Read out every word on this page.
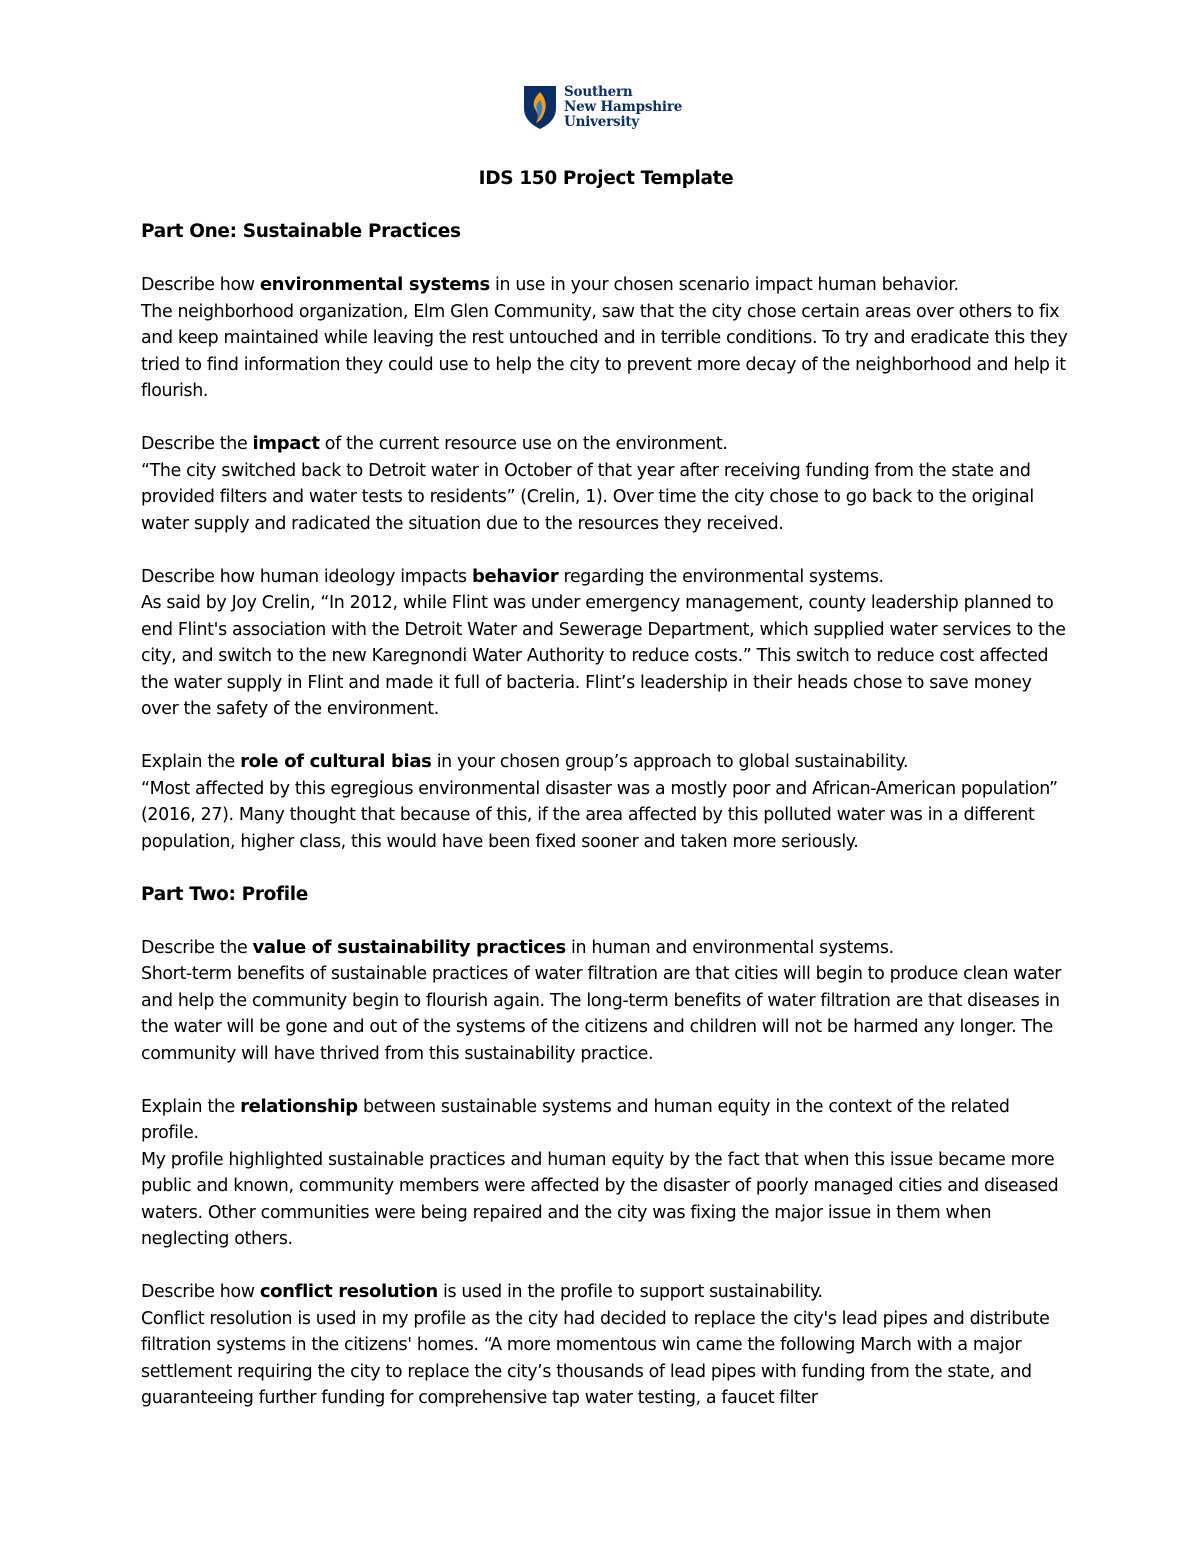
Southern
New Hampshire
University
IDS 150 Project Template
Part One: Sustainable Practices

Describe how environmental systems in use in your chosen scenario impact human behavior.

The neighborhood organization, Elm Glen Community, saw that the city chose certain areas over others to fix and keep maintained while leaving the rest untouched and in terrible conditions. To try and eradicate this they tried to find information they could use to help the city to prevent more decay of the neighborhood and help it flourish.

Describe the impact of the current resource use on the environment.

“The city switched back to Detroit water in October of that year after receiving funding from the state and provided filters and water tests to residents” (Crelin, 1). Over time the city chose to go back to the original water supply and radicated the situation due to the resources they received.

Describe how human ideology impacts behavior regarding the environmental systems.

As said by Joy Crelin, “In 2012, while Flint was under emergency management, county leadership planned to end Flint's association with the Detroit Water and Sewerage Department, which supplied water services to the city, and switch to the new Karegnondi Water Authority to reduce costs.” This switch to reduce cost affected the water supply in Flint and made it full of bacteria. Flint’s leadership in their heads chose to save money over the safety of the environment.

Explain the role of cultural bias in your chosen group’s approach to global sustainability.

“Most affected by this egregious environmental disaster was a mostly poor and African-American population” (2016, 27). Many thought that because of this, if the area affected by this polluted water was in a different population, higher class, this would have been fixed sooner and taken more seriously.

Part Two: Profile

Describe the value of sustainability practices in human and environmental systems.

Short-term benefits of sustainable practices of water filtration are that cities will begin to produce clean water and help the community begin to flourish again. The long-term benefits of water filtration are that diseases in the water will be gone and out of the systems of the citizens and children will not be harmed any longer. The community will have thrived from this sustainability practice.

Explain the relationship between sustainable systems and human equity in the context of the related profile.

My profile highlighted sustainable practices and human equity by the fact that when this issue became more public and known, community members were affected by the disaster of poorly managed cities and diseased waters. Other communities were being repaired and the city was fixing the major issue in them when neglecting others.

Describe how conflict resolution is used in the profile to support sustainability.

Conflict resolution is used in my profile as the city had decided to replace the city's lead pipes and distribute filtration systems in the citizens' homes. “A more momentous win came the following March with a major settlement requiring the city to replace the city’s thousands of lead pipes with funding from the state, and guaranteeing further funding for comprehensive tap water testing, a faucet filter
